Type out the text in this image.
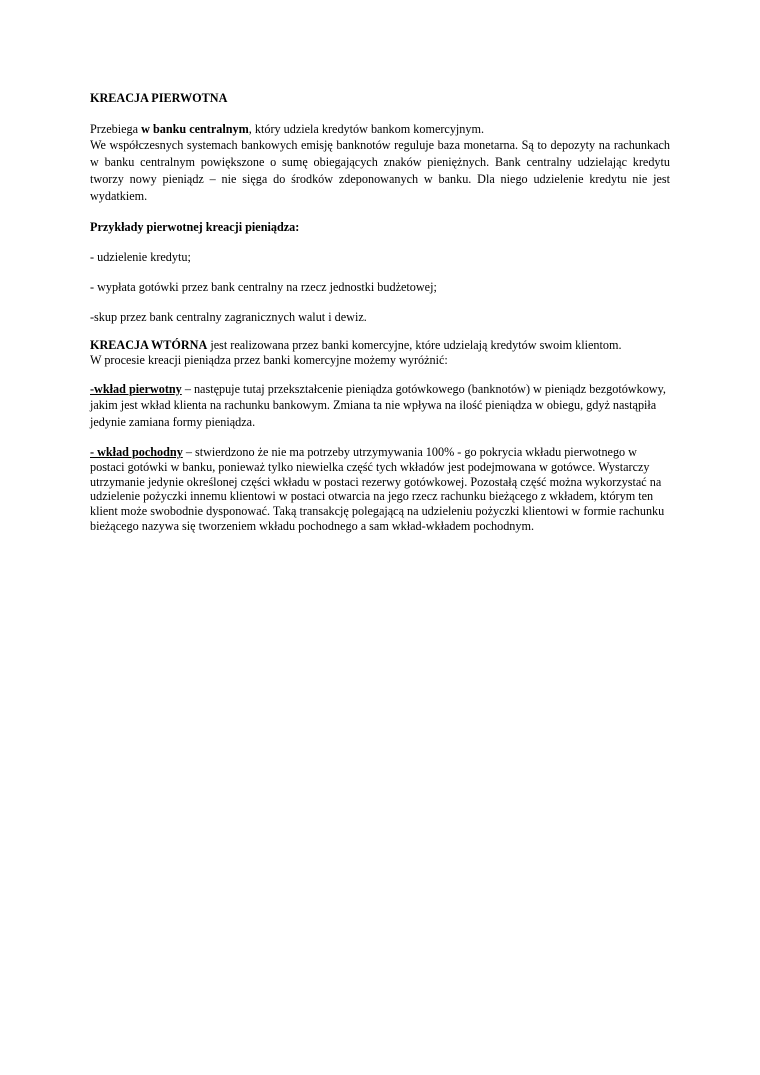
KREACJA PIERWOTNA

Przebiega w banku centralnym, który udziela kredytów bankom komercyjnym.

We współczesnych systemach bankowych emisję banknotów reguluje baza monetarna. Są to depozyty na rachunkach w banku centralnym powiększone o sumę obiegających znaków pieniężnych. Bank centralny udzielając kredytu tworzy nowy pieniądz – nie sięga do środków zdeponowanych w banku. Dla niego udzielenie kredytu nie jest wydatkiem.

Przykłady pierwotnej kreacji pieniądza:

- udzielenie kredytu;

- wypłata gotówki przez bank centralny na rzecz jednostki budżetowej;

-skup przez bank centralny zagranicznych walut i dewiz.

KREACJA WTÓRNA jest realizowana przez banki komercyjne, które udzielają kredytów swoim klientom.

W procesie kreacji pieniądza przez banki komercyjne możemy wyróżnić:

-wkład pierwotny – następuje tutaj przekształcenie pieniądza gotówkowego (banknotów) w pieniądz bezgotówkowy, jakim jest wkład klienta na rachunku bankowym. Zmiana ta nie wpływa na ilość pieniądza w obiegu, gdyż nastąpiła jedynie zamiana formy pieniądza.

- wkład pochodny – stwierdzono że nie ma potrzeby utrzymywania 100% - go pokrycia wkładu pierwotnego w postaci gotówki w banku, ponieważ tylko niewielka część tych wkładów jest podejmowana w gotówce. Wystarczy utrzymanie jedynie określonej części wkładu w postaci rezerwy gotówkowej. Pozostałą część można wykorzystać na udzielenie pożyczki innemu klientowi w postaci otwarcia na jego rzecz rachunku bieżącego z wkładem, którym ten klient może swobodnie dysponować. Taką transakcję polegającą na udzieleniu pożyczki klientowi w formie rachunku bieżącego nazywa się tworzeniem wkładu pochodnego a sam wkład-wkładem pochodnym.
